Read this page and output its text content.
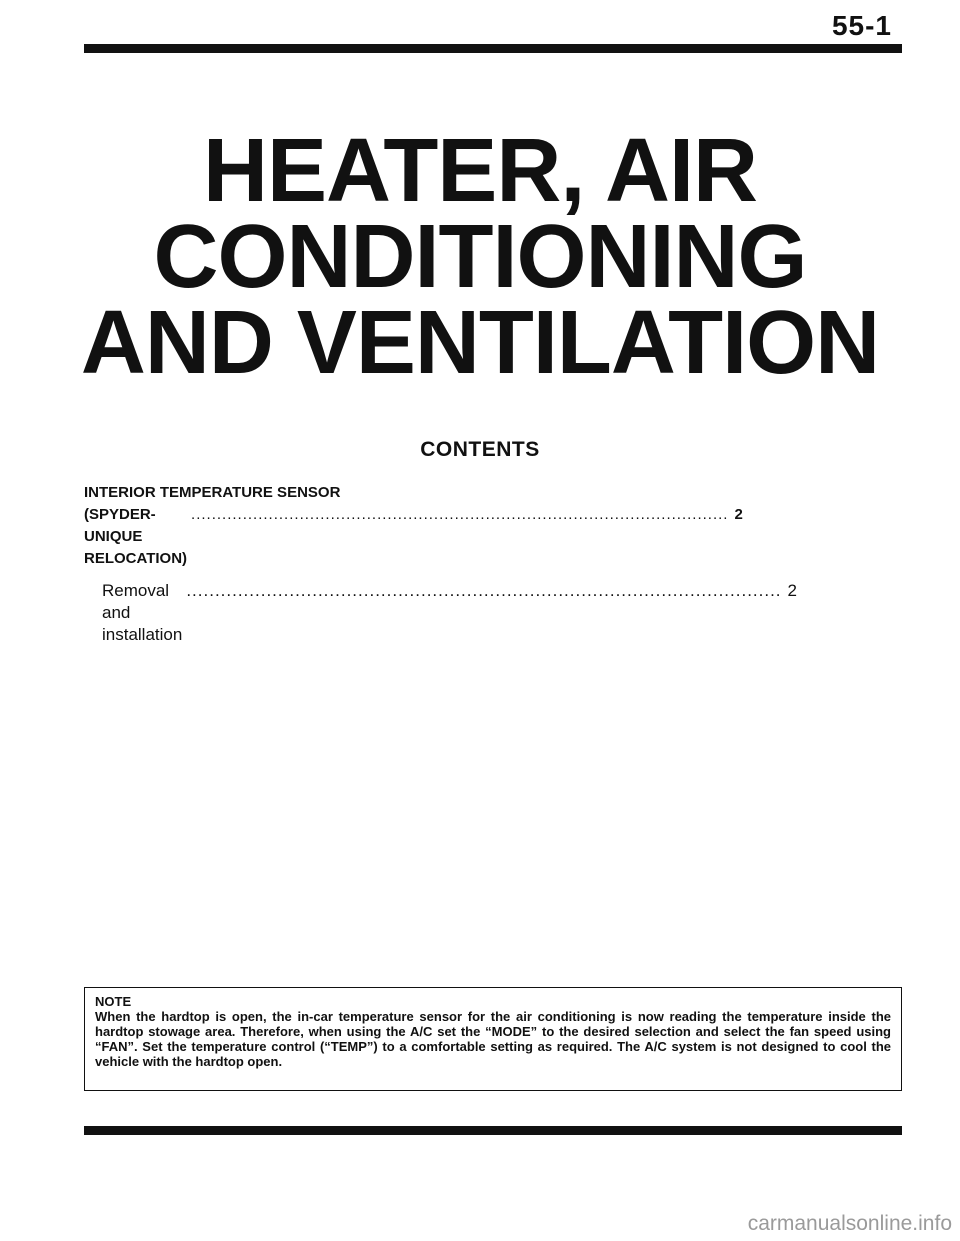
55-1
HEATER, AIR
CONDITIONING
AND VENTILATION
CONTENTS
INTERIOR TEMPERATURE SENSOR
(SPYDER-UNIQUE RELOCATION)
........................................................................................................ 2
Removal and installation
........................................................................................................ 2
NOTE
When the hardtop is open, the in-car temperature sensor for the air conditioning is now reading the temperature inside the hardtop stowage area. Therefore, when using the A/C set the “MODE” to the desired selection and select the fan speed using “FAN”. Set the temperature control (“TEMP”) to a comfortable setting as required. The A/C system is not designed to cool the vehicle with the hardtop open.
carmanualsonline.info
